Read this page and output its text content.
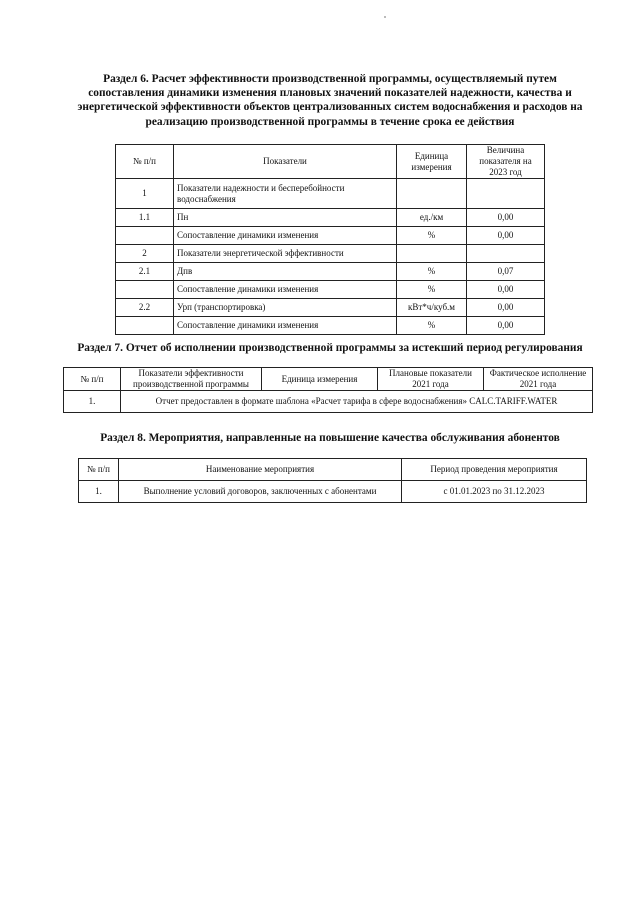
Раздел 6. Расчет эффективности производственной программы, осуществляемый путем
сопоставления динамики изменения плановых значений показателей надежности, качества и
энергетической эффективности объектов централизованных систем водоснабжения и расходов на
реализацию производственной программы в течение срока ее действия
№ п/п	Показатели	Единица измерения	Величина показателя на 2023 год
1	Показатели надежности и бесперебойности водоснабжения		
1.1	Пн	ед./км	0,00
	Сопоставление динамики изменения	%	0,00
2	Показатели энергетической эффективности		
2.1	Дпв	%	0,07
	Сопоставление динамики изменения	%	0,00
2.2	Урп (транспортировка)	кВт*ч/куб.м	0,00
	Сопоставление динамики изменения	%	0,00
Раздел 7. Отчет об исполнении производственной программы за истекший период регулирования
№ п/п	Показатели эффективности производственной программы	Единица измерения	Плановые показатели 2021 года	Фактическое исполнение 2021 года
1.	Отчет предоставлен в формате шаблона «Расчет тарифа в сфере водоснабжения» CALC.TARIFF.WATER			
Раздел 8. Мероприятия, направленные на повышение качества обслуживания абонентов
№ п/п	Наименование мероприятия	Период проведения мероприятия
1.	Выполнение условий договоров, заключенных с абонентами	с 01.01.2023 по 31.12.2023
